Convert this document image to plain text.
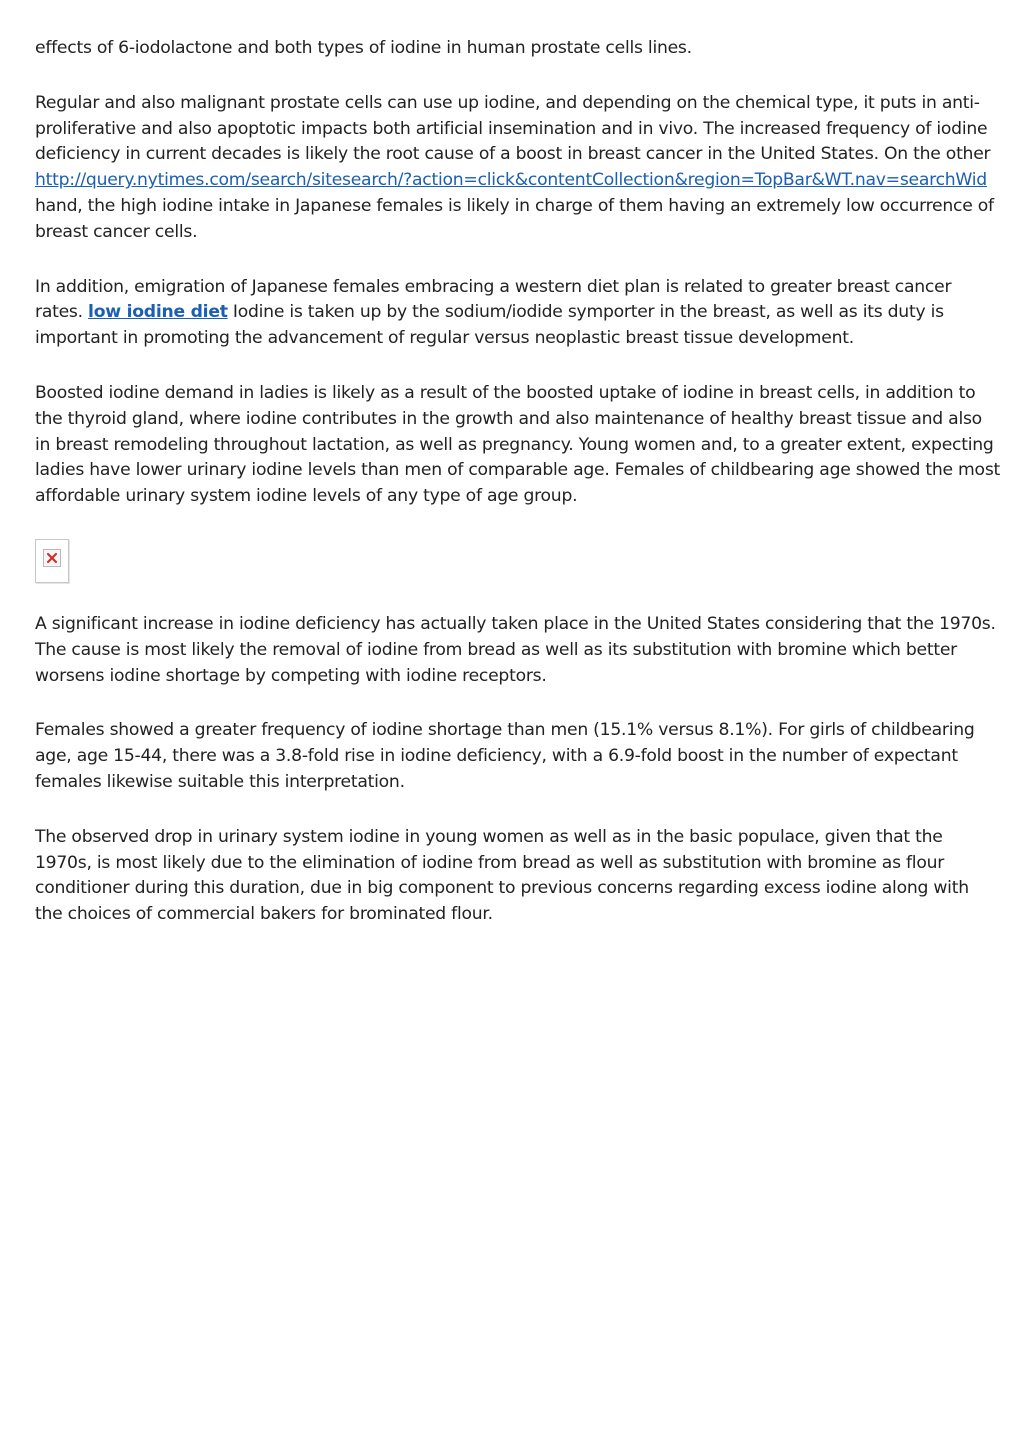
effects of 6-iodolactone and both types of iodine in human prostate cells lines.

Regular and also malignant prostate cells can use up iodine, and depending on the chemical type, it puts in anti-
proliferative and also apoptotic impacts both artificial insemination and in vivo. The increased frequency of iodine
deficiency in current decades is likely the root cause of a boost in breast cancer in the United States. On the other
http://query.nytimes.com/search/sitesearch/?action=click&contentCollection&region=TopBar&WT.nav=searchWid
hand, the high iodine intake in Japanese females is likely in charge of them having an extremely low occurrence of
breast cancer cells.

In addition, emigration of Japanese females embracing a western diet plan is related to greater breast cancer
rates. low iodine diet Iodine is taken up by the sodium/iodide symporter in the breast, as well as its duty is
important in promoting the advancement of regular versus neoplastic breast tissue development.

Boosted iodine demand in ladies is likely as a result of the boosted uptake of iodine in breast cells, in addition to
the thyroid gland, where iodine contributes in the growth and also maintenance of healthy breast tissue and also
in breast remodeling throughout lactation, as well as pregnancy. Young women and, to a greater extent, expecting
ladies have lower urinary iodine levels than men of comparable age. Females of childbearing age showed the most
affordable urinary system iodine levels of any type of age group.

A significant increase in iodine deficiency has actually taken place in the United States considering that the 1970s.
The cause is most likely the removal of iodine from bread as well as its substitution with bromine which better
worsens iodine shortage by competing with iodine receptors.

Females showed a greater frequency of iodine shortage than men (15.1% versus 8.1%). For girls of childbearing
age, age 15-44, there was a 3.8-fold rise in iodine deficiency, with a 6.9-fold boost in the number of expectant
females likewise suitable this interpretation.

The observed drop in urinary system iodine in young women as well as in the basic populace, given that the
1970s, is most likely due to the elimination of iodine from bread as well as substitution with bromine as flour
conditioner during this duration, due in big component to previous concerns regarding excess iodine along with
the choices of commercial bakers for brominated flour.
